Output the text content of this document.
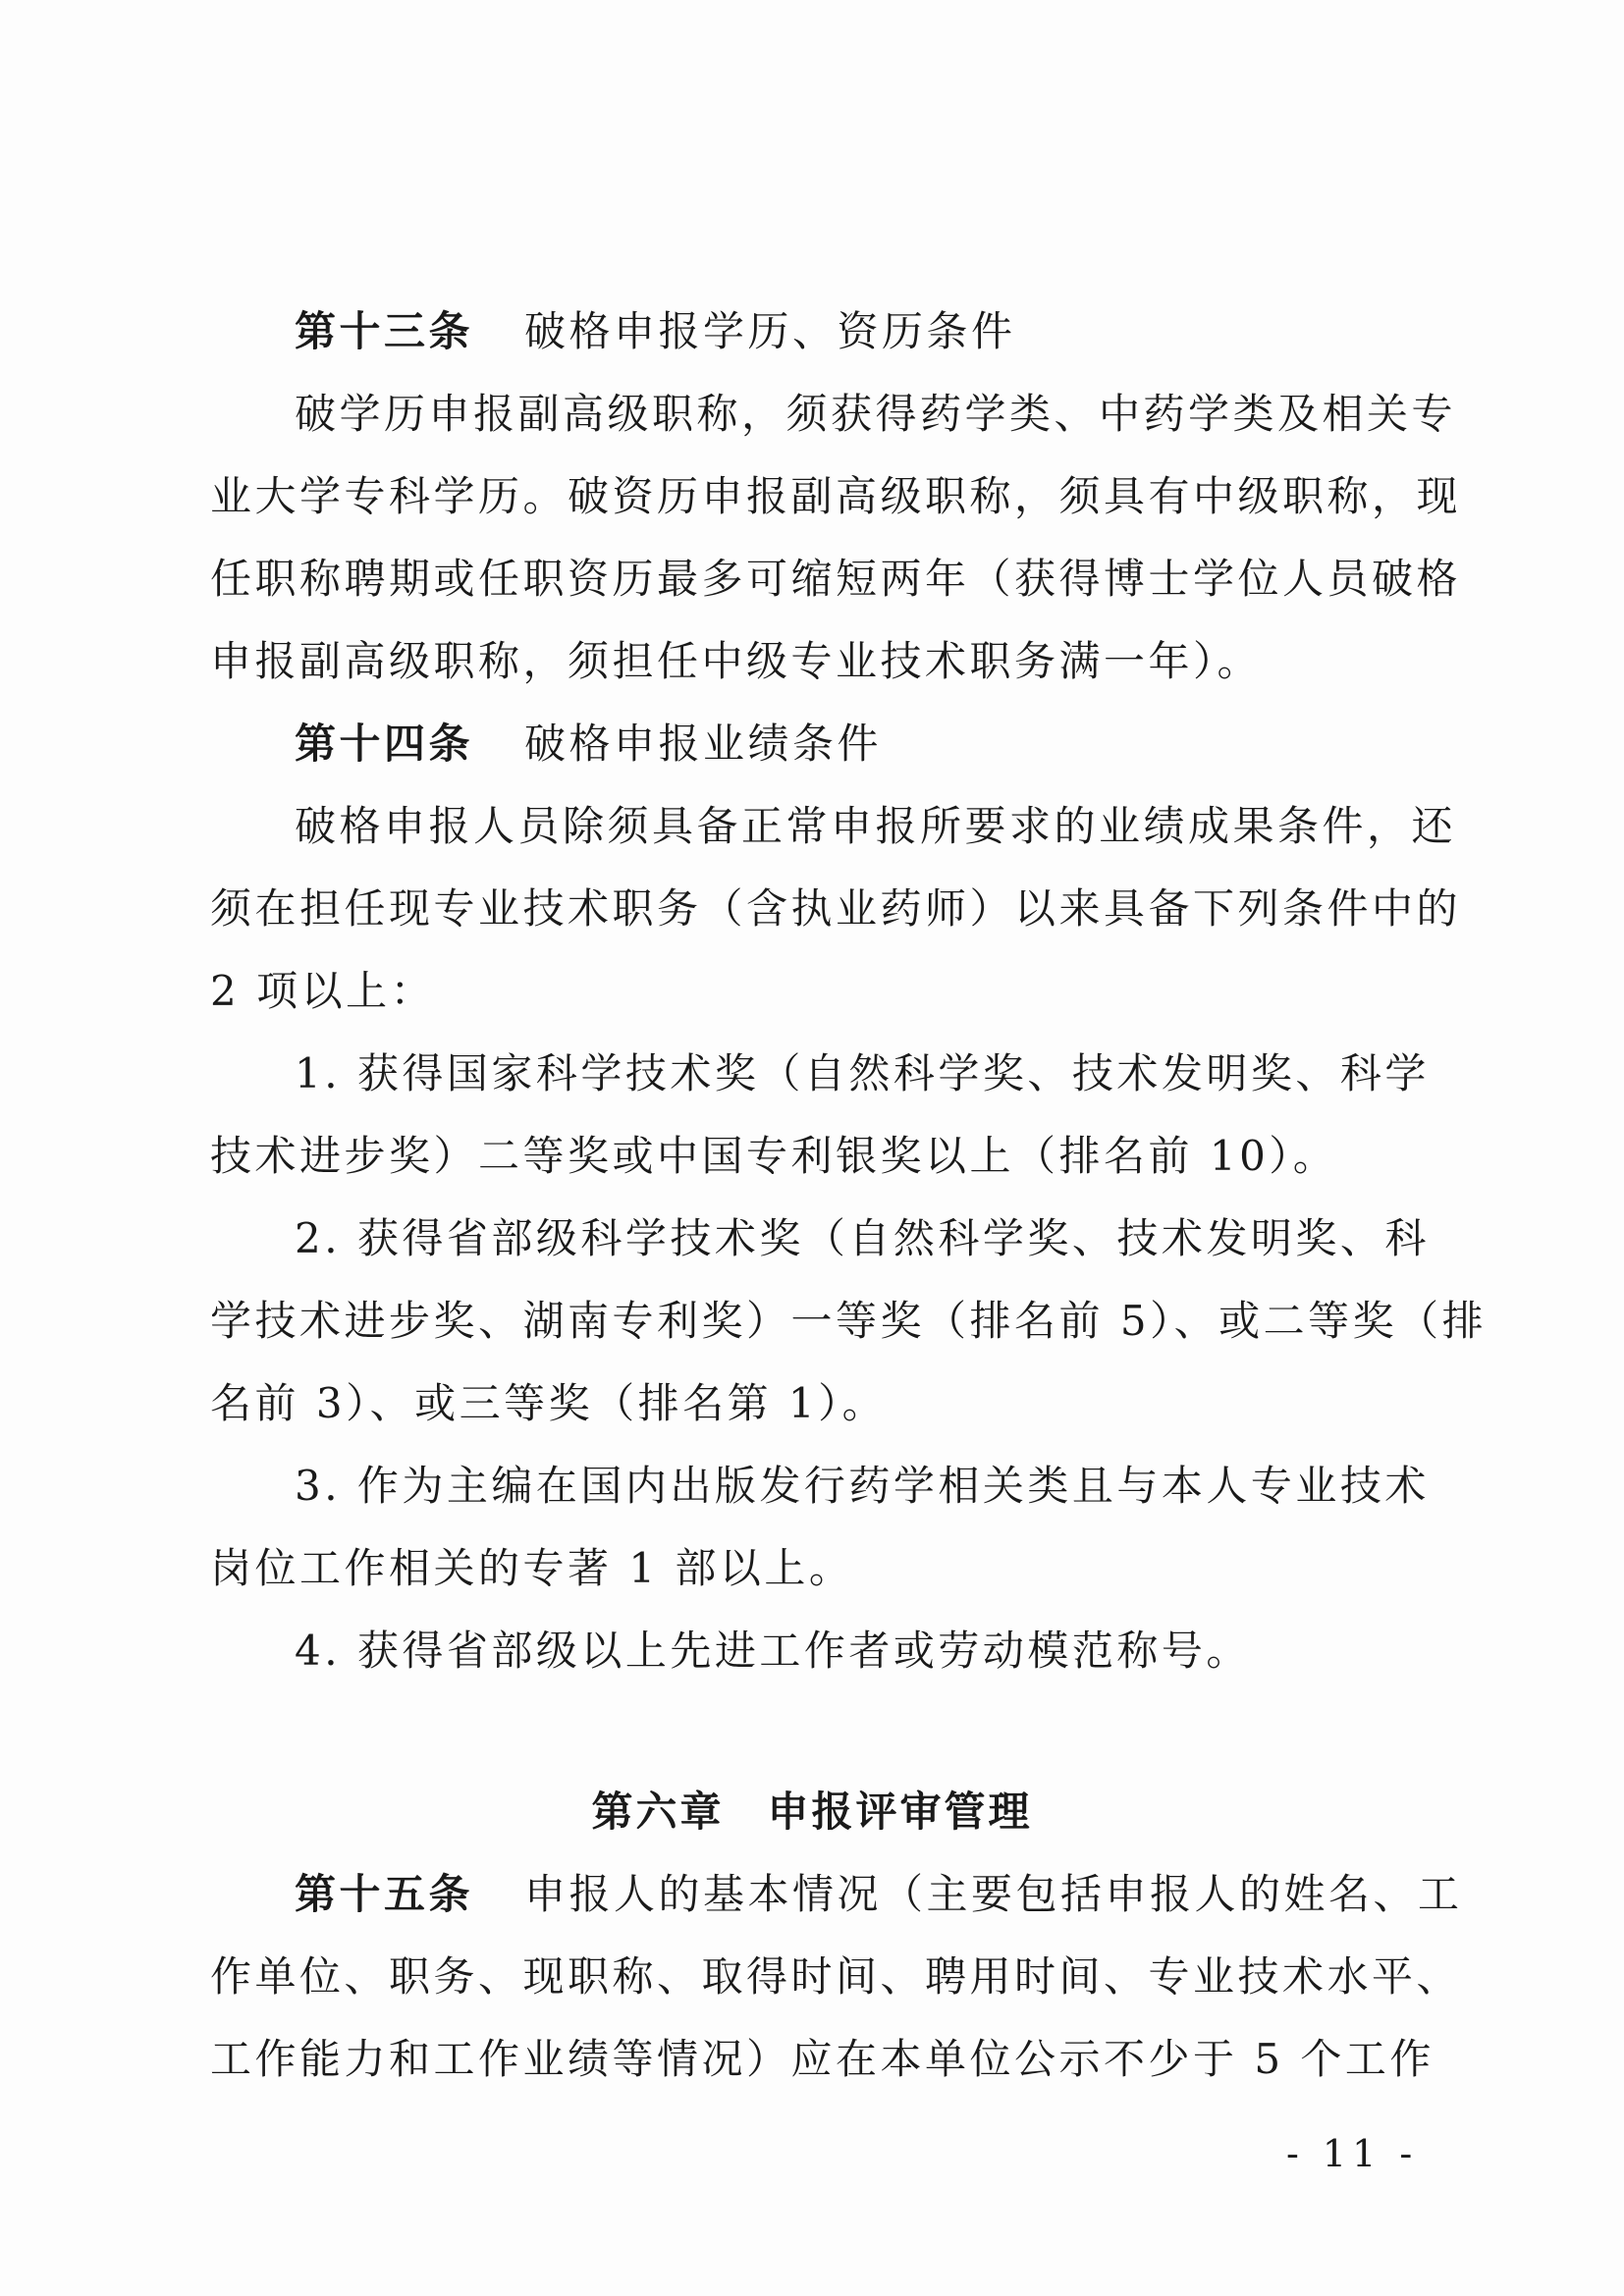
第十三条 破格申报学历、资历条件
破学历申报副高级职称，须获得药学类、中药学类及相关专
业大学专科学历。破资历申报副高级职称，须具有中级职称，现
任职称聘期或任职资历最多可缩短两年（获得博士学位人员破格
申报副高级职称，须担任中级专业技术职务满一年）。
第十四条 破格申报业绩条件
破格申报人员除须具备正常申报所要求的业绩成果条件，还
须在担任现专业技术职务（含执业药师）以来具备下列条件中的
2 项以上：
1. 获得国家科学技术奖（自然科学奖、技术发明奖、科学
技术进步奖）二等奖或中国专利银奖以上（排名前 10）。
2. 获得省部级科学技术奖（自然科学奖、技术发明奖、科
学技术进步奖、湖南专利奖）一等奖（排名前 5）、或二等奖（排
名前 3）、或三等奖（排名第 1）。
3. 作为主编在国内出版发行药学相关类且与本人专业技术
岗位工作相关的专著 1 部以上。
4. 获得省部级以上先进工作者或劳动模范称号。
第六章 申报评审管理
第十五条 申报人的基本情况（主要包括申报人的姓名、工
作单位、职务、现职称、取得时间、聘用时间、专业技术水平、
工作能力和工作业绩等情况）应在本单位公示不少于 5 个工作
- 11 -
